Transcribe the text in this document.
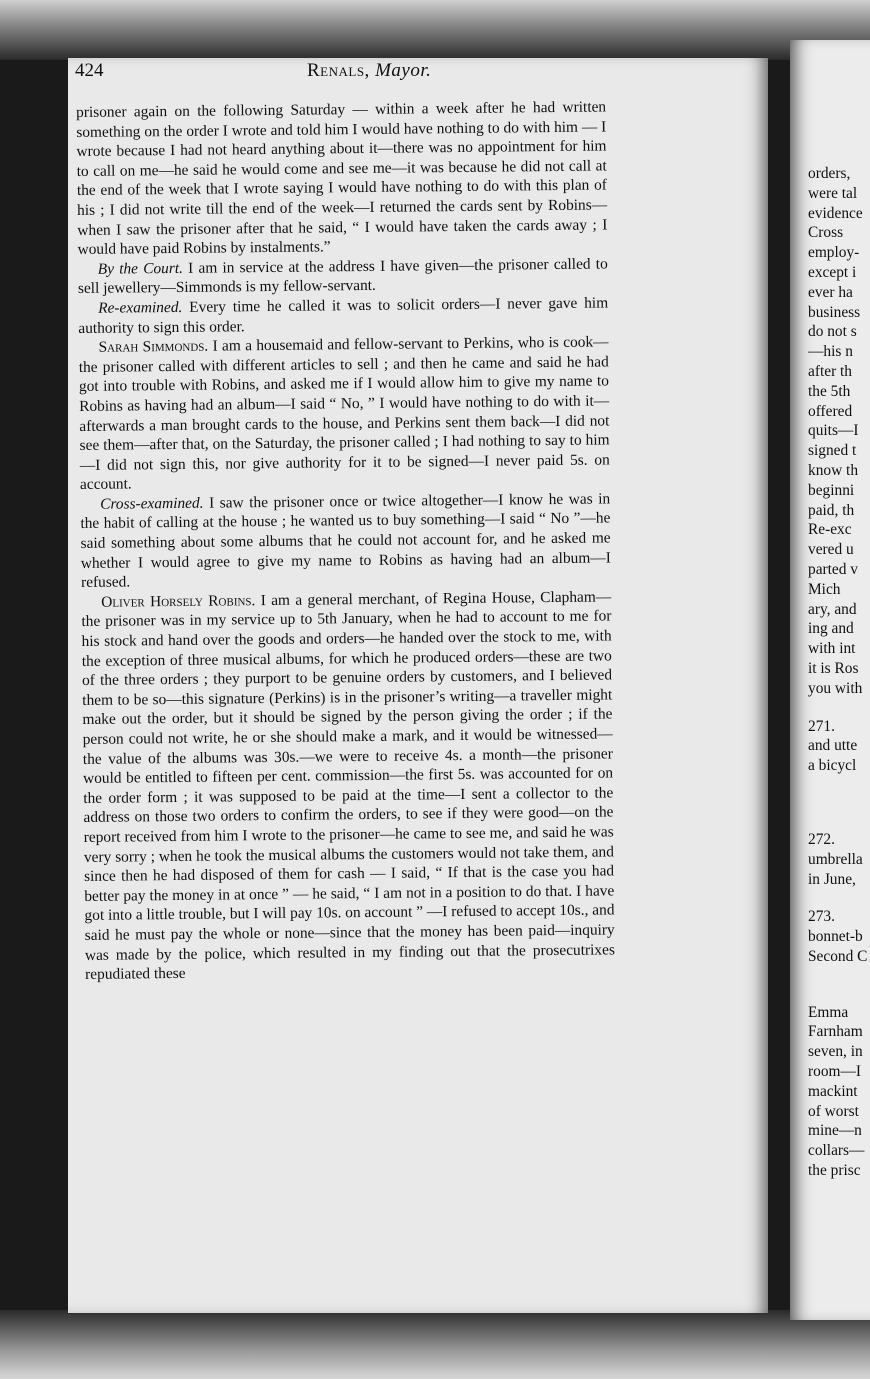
orders,
were tal
evidence
Cross
employ-
except i
ever ha
business
do not s
—his n
after th
the 5th
offered
quits—I
signed t
know th
beginni
paid, th
Re-exc
vered u
parted v
Mich
ary, and
ing and
with int
it is Ros
you with
271.
and utte
a bicycl
272.
umbrella
in June,
273.
bonnet-b
Second C
Emma
Farnham
seven, in
room—I
mackint
of worst
mine—n
collars—
the prisc
424	Renals, Mayor.

prisoner again on the following Saturday — within a week after he had written something on the order I wrote and told him I would have nothing to do with him — I wrote because I had not heard anything about it—there was no appointment for him to call on me—he said he would come and see me—it was because he did not call at the end of the week that I wrote saying I would have nothing to do with this plan of his ; I did not write till the end of the week—I returned the cards sent by Robins—when I saw the prisoner after that he said, “ I would have taken the cards away ; I would have paid Robins by instalments.”

By the Court. I am in service at the address I have given—the prisoner called to sell jewellery—Simmonds is my fellow-servant.

Re-examined. Every time he called it was to solicit orders—I never gave him authority to sign this order.

Sarah Simmonds. I am a housemaid and fellow-servant to Perkins, who is cook—the prisoner called with different articles to sell ; and then he came and said he had got into trouble with Robins, and asked me if I would allow him to give my name to Robins as having had an album—I said “ No, ” I would have nothing to do with it—afterwards a man brought cards to the house, and Perkins sent them back—I did not see them—after that, on the Saturday, the prisoner called ; I had nothing to say to him—I did not sign this, nor give authority for it to be signed—I never paid 5s. on account.

Cross-examined. I saw the prisoner once or twice altogether—I know he was in the habit of calling at the house ; he wanted us to buy something—I said “ No ”—he said something about some albums that he could not account for, and he asked me whether I would agree to give my name to Robins as having had an album—I refused.

Oliver Horsely Robins. I am a general merchant, of Regina House, Clapham—the prisoner was in my service up to 5th January, when he had to account to me for his stock and hand over the goods and orders—he handed over the stock to me, with the exception of three musical albums, for which he produced orders—these are two of the three orders ; they purport to be genuine orders by customers, and I believed them to be so—this signature (Perkins) is in the prisoner’s writing—a traveller might make out the order, but it should be signed by the person giving the order ; if the person could not write, he or she should make a mark, and it would be witnessed—the value of the albums was 30s.—we were to receive 4s. a month—the prisoner would be entitled to fifteen per cent. commission—the first 5s. was accounted for on the order form ; it was supposed to be paid at the time—I sent a collector to the address on those two orders to confirm the orders, to see if they were good—on the report received from him I wrote to the prisoner—he came to see me, and said he was very sorry ; when he took the musical albums the customers would not take them, and since then he had disposed of them for cash — I said, “ If that is the case you had better pay the money in at once ” — he said, “ I am not in a position to do that. I have got into a little trouble, but I will pay 10s. on account ” —I refused to accept 10s., and said he must pay the whole or none—since that the money has been paid—inquiry was made by the police, which resulted in my finding out that the prosecutrixes repudiated these
